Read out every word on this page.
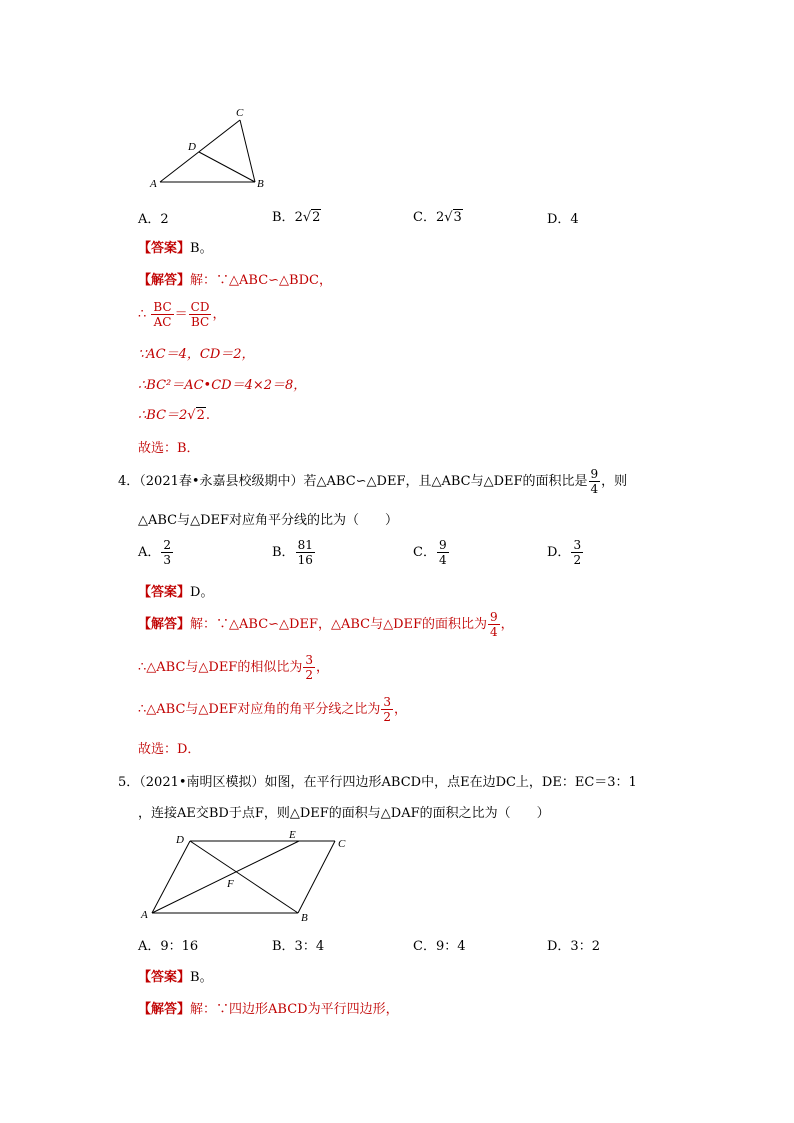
A	B
C
D
A．2	B．2√2	C．2√3	D．4
【答案】B。
【解答】解：∵△ABC∽△BDC，
∴ $\frac{BC}{AC} = \frac{CD}{BC}$ ，
∵AC＝4，CD＝2，
∴BC²＝AC•CD＝4×2＝8，
∴BC＝2√2.
故选：B．
4．（2021春•永嘉县校级期中）若△ABC∽△DEF，且△ABC与△DEF的面积比是 $\frac{9}{4}$ ，则
△ABC与△DEF对应角平分线的比为（　　）
A． $\frac{2}{3}$	B． $\frac{81}{16}$	C． $\frac{9}{4}$	D． $\frac{3}{2}$
【答案】D。
【解答】解：∵△ABC∽△DEF，△ABC与△DEF的面积比为 $\frac{9}{4}$ ，
∴△ABC与△DEF的相似比为 $\frac{3}{2}$ ，
∴△ABC与△DEF对应角的角平分线之比为 $\frac{3}{2}$ ，
故选：D．
5．（2021•南明区模拟）如图，在平行四边形ABCD中，点E在边DC上，DE：EC＝3：1
，连接AE交BD于点F，则△DEF的面积与△DAF的面积之比为（　　）
A	B
C
D	E
F
A．9：16	B．3：4	C．9：4	D．3：2
【答案】B。
【解答】解：∵四边形ABCD为平行四边形，
